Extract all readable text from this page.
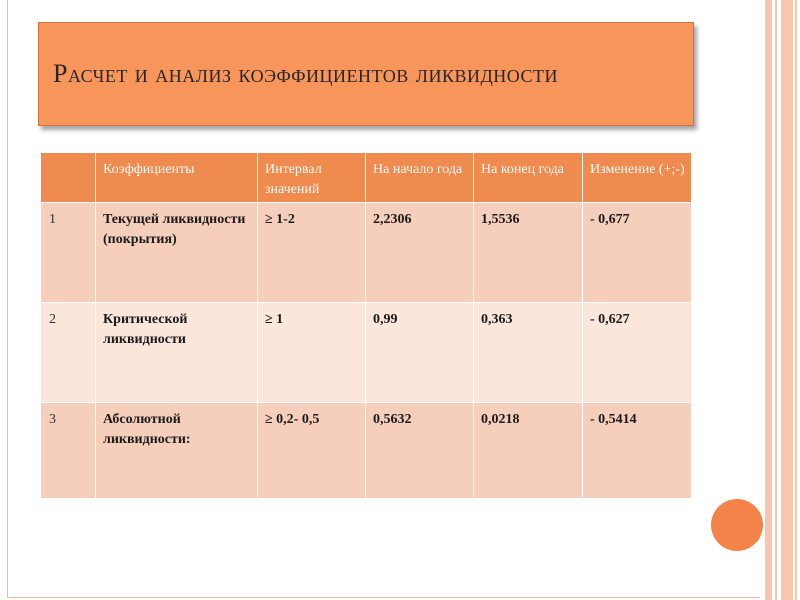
Расчет и анализ коэффициентов ликвидности
	Коэффициенты	Интервал значений	На начало года	На конец года	Изменение (+;-)
1	Текущей ликвидности (покрытия)	≥ 1-2	2,2306	1,5536	- 0,677
2	Критической ликвидности	≥ 1	0,99	0,363	- 0,627
3	Абсолютной ликвидности:	≥ 0,2- 0,5	0,5632	0,0218	- 0,5414
